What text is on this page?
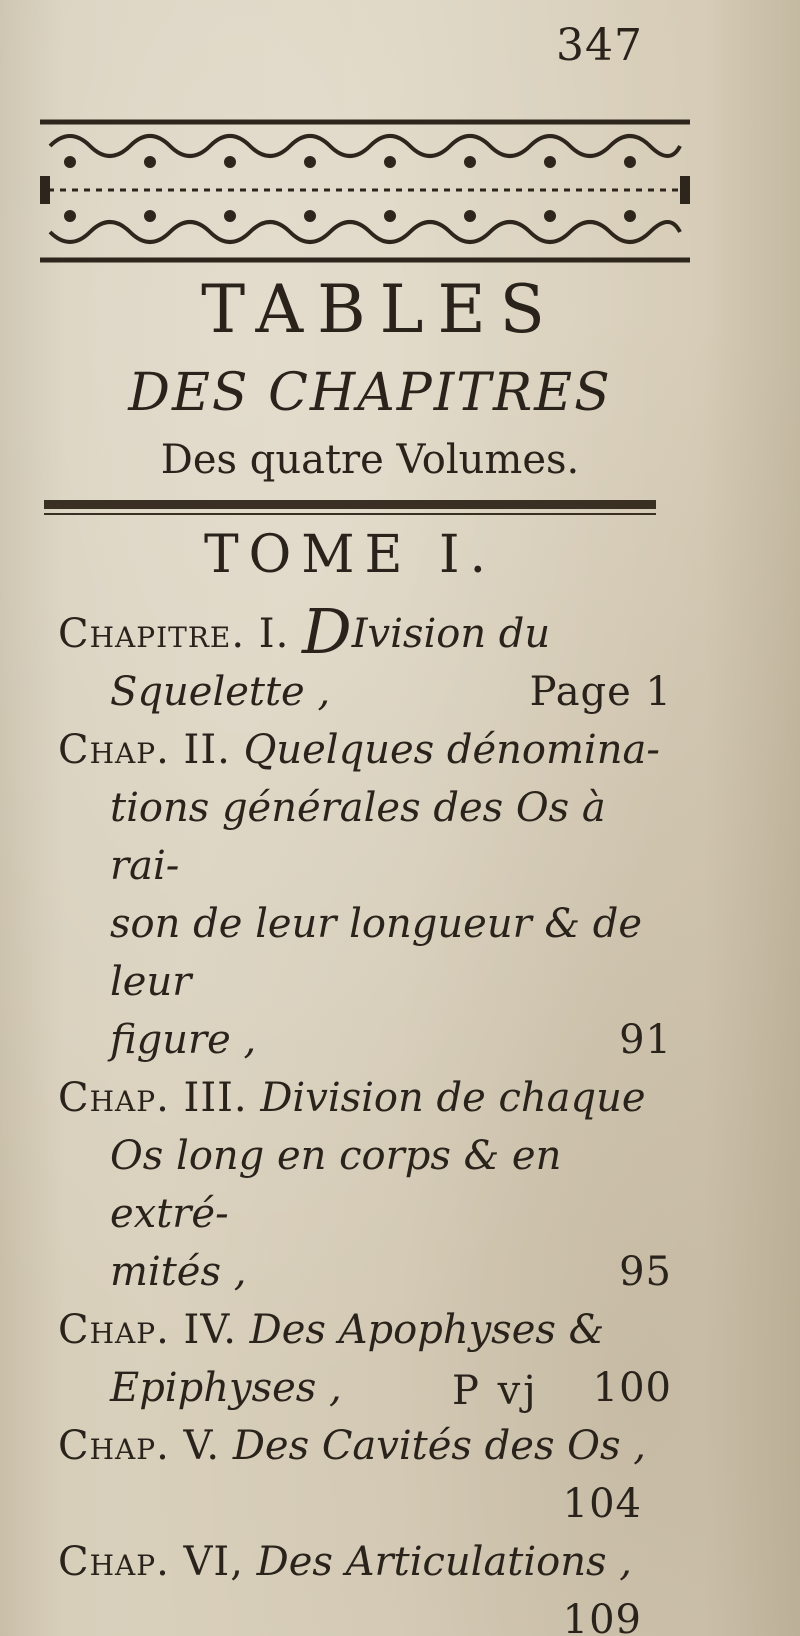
347
TABLES
DES CHAPITRES
Des quatre Volumes.
TOME I.
Chapitre. I. DIvision du
Squelette ,	Page 1
Chap. II. Quelques dénomina-
tions générales des Os à rai-
son de leur longueur & de leur
figure ,	91
Chap. III. Division de chaque
Os long en corps & en extré-
mités ,	95
Chap. IV. Des Apophyses &
Epiphyses ,	100
Chap. V. Des Cavités des Os ,
104
Chap. VI, Des Articulations ,
109
P vj
